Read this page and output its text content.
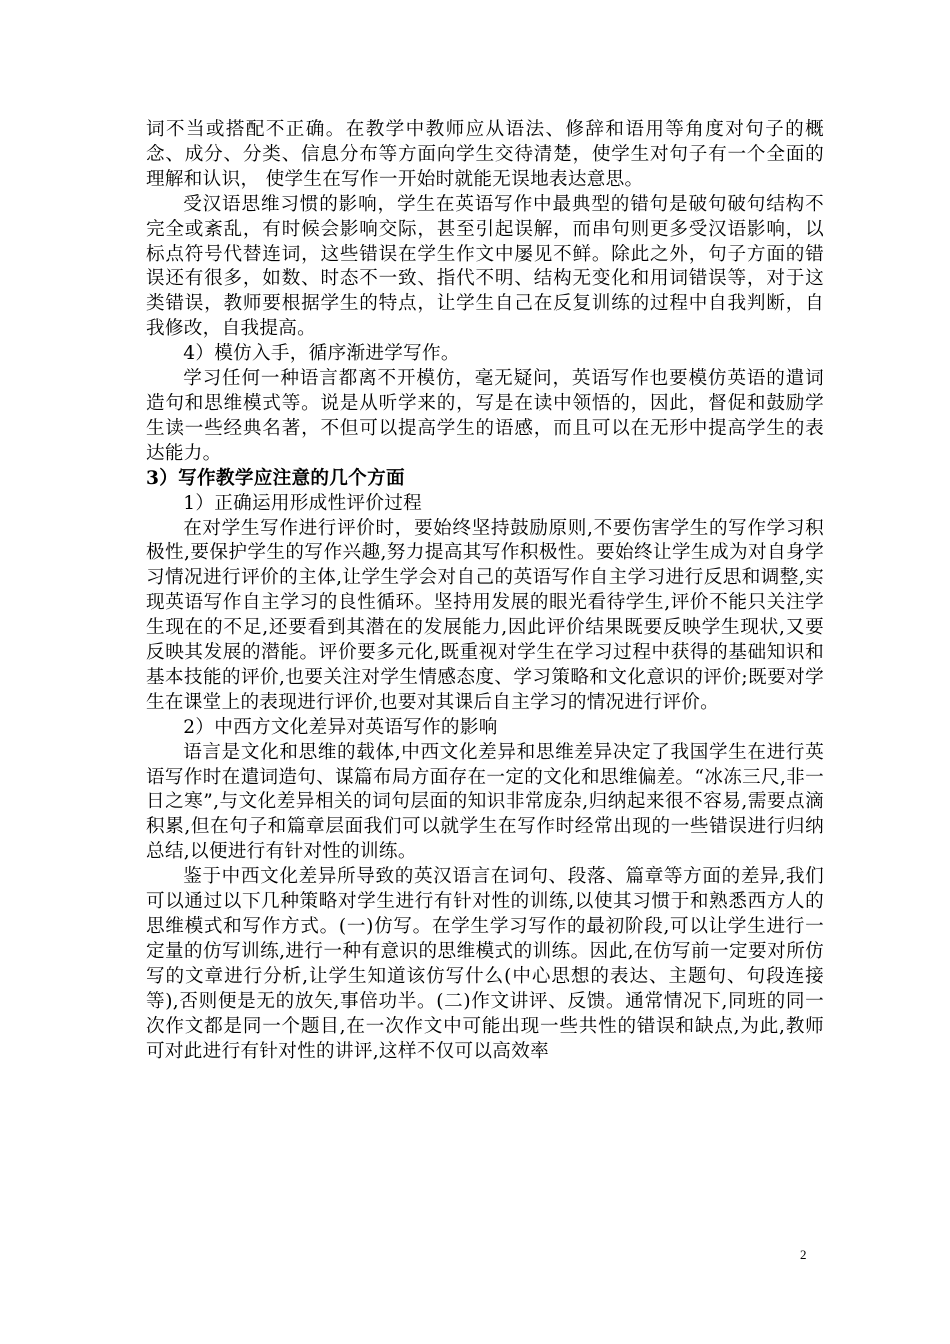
词不当或搭配不正确。在教学中教师应从语法、修辞和语用等角度对句子的概念、成分、分类、信息分布等方面向学生交待清楚，使学生对句子有一个全面的理解和认识， 使学生在写作一开始时就能无误地表达意思。

受汉语思维习惯的影响，学生在英语写作中最典型的错句是破句破句结构不完全或紊乱，有时候会影响交际，甚至引起误解，而串句则更多受汉语影响，以标点符号代替连词，这些错误在学生作文中屡见不鲜。除此之外，句子方面的错误还有很多，如数、时态不一致、指代不明、结构无变化和用词错误等，对于这类错误，教师要根据学生的特点，让学生自己在反复训练的过程中自我判断，自我修改，自我提高。

4）模仿入手，循序渐进学写作。

学习任何一种语言都离不开模仿，毫无疑问，英语写作也要模仿英语的遣词造句和思维模式等。说是从听学来的，写是在读中领悟的，因此，督促和鼓励学生读一些经典名著，不但可以提高学生的语感，而且可以在无形中提高学生的表达能力。

3）写作教学应注意的几个方面

1）正确运用形成性评价过程

在对学生写作进行评价时，要始终坚持鼓励原则,不要伤害学生的写作学习积极性,要保护学生的写作兴趣,努力提高其写作积极性。要始终让学生成为对自身学习情况进行评价的主体,让学生学会对自己的英语写作自主学习进行反思和调整,实现英语写作自主学习的良性循环。坚持用发展的眼光看待学生,评价不能只关注学生现在的不足,还要看到其潜在的发展能力,因此评价结果既要反映学生现状,又要反映其发展的潜能。评价要多元化,既重视对学生在学习过程中获得的基础知识和基本技能的评价,也要关注对学生情感态度、学习策略和文化意识的评价;既要对学生在课堂上的表现进行评价,也要对其课后自主学习的情况进行评价。

2）中西方文化差异对英语写作的影响

语言是文化和思维的载体,中西文化差异和思维差异决定了我国学生在进行英语写作时在遣词造句、谋篇布局方面存在一定的文化和思维偏差。“冰冻三尺,非一日之寒”,与文化差异相关的词句层面的知识非常庞杂,归纳起来很不容易,需要点滴积累,但在句子和篇章层面我们可以就学生在写作时经常出现的一些错误进行归纳总结,以便进行有针对性的训练。

鉴于中西文化差异所导致的英汉语言在词句、段落、篇章等方面的差异,我们可以通过以下几种策略对学生进行有针对性的训练,以使其习惯于和熟悉西方人的思维模式和写作方式。(一)仿写。在学生学习写作的最初阶段,可以让学生进行一定量的仿写训练,进行一种有意识的思维模式的训练。因此,在仿写前一定要对所仿写的文章进行分析,让学生知道该仿写什么(中心思想的表达、主题句、句段连接等),否则便是无的放矢,事倍功半。(二)作文讲评、反馈。通常情况下,同班的同一次作文都是同一个题目,在一次作文中可能出现一些共性的错误和缺点,为此,教师可对此进行有针对性的讲评,这样不仅可以高效率

2
